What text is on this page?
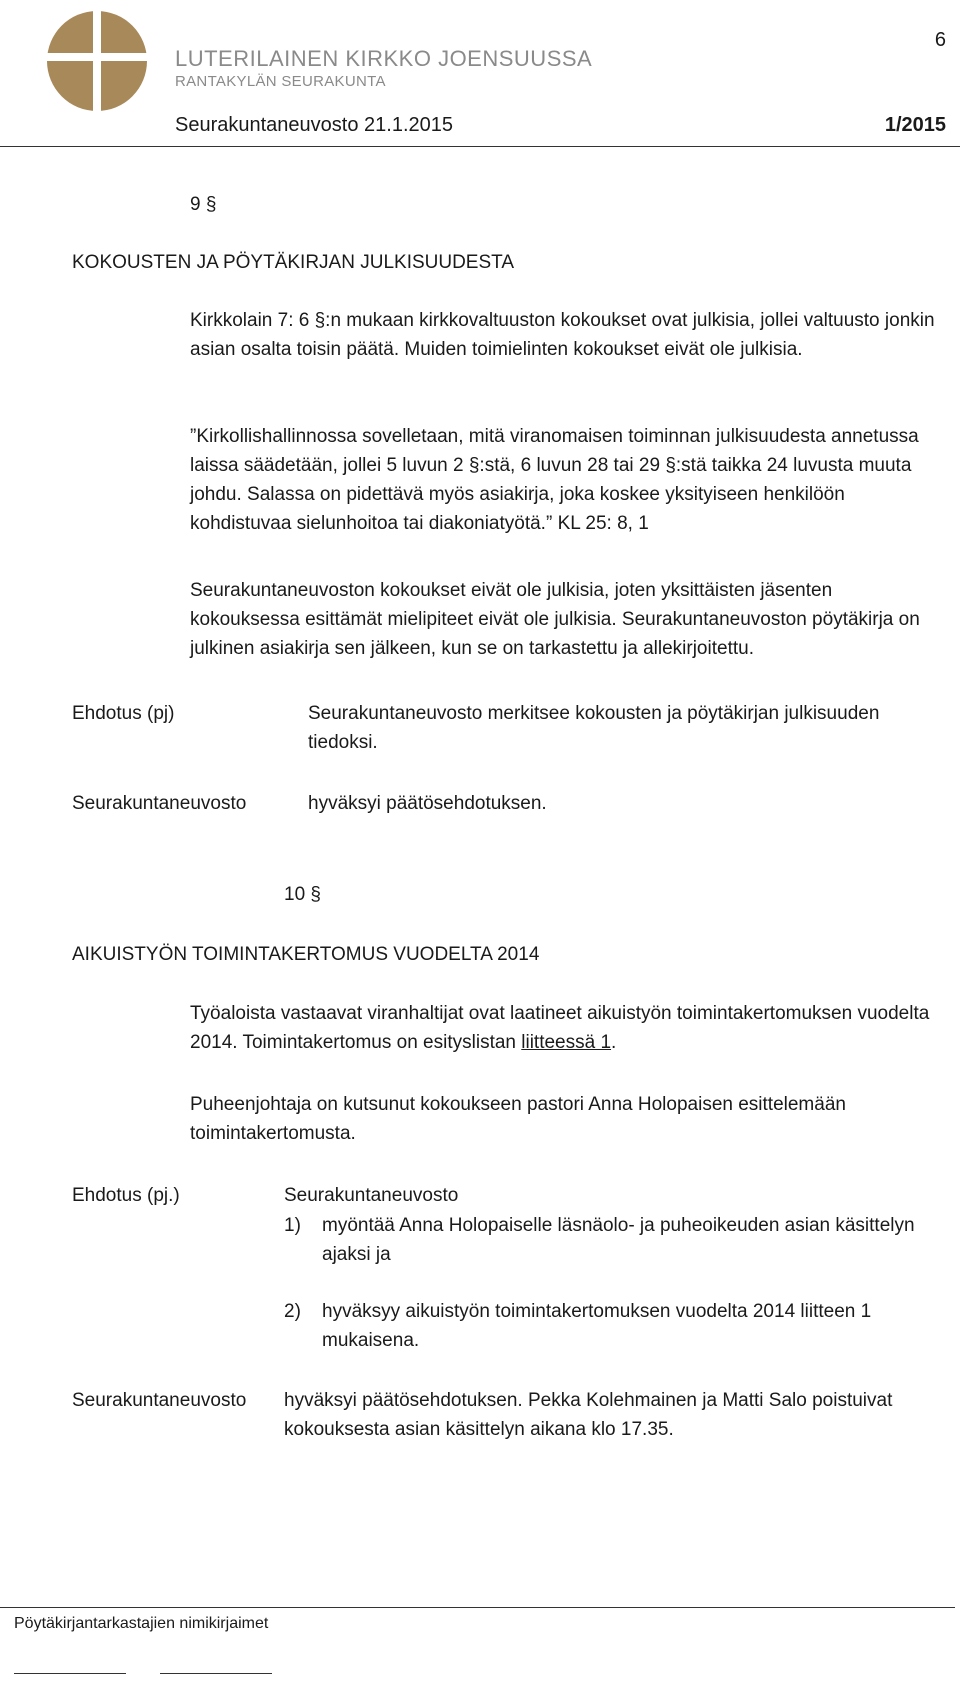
LUTERILAINEN KIRKKO JOENSUUSSA
RANTAKYLÄN SEURAKUNTA
6
Seurakuntaneuvosto 21.1.2015	1/2015
9 §
KOKOUSTEN JA PÖYTÄKIRJAN JULKISUUDESTA
Kirkkolain 7: 6 §:n mukaan kirkkovaltuuston kokoukset ovat julkisia, jollei valtuusto jonkin asian osalta toisin päätä. Muiden toimielinten kokoukset eivät ole julkisia.
”Kirkollishallinnossa sovelletaan, mitä viranomaisen toiminnan julkisuudesta annetussa laissa säädetään, jollei 5 luvun 2 §:stä, 6 luvun 28 tai 29 §:stä taikka 24 luvusta muuta johdu. Salassa on pidettävä myös asiakirja, joka koskee yksityiseen henkilöön kohdistuvaa sielunhoitoa tai diakoniatyötä.” KL 25: 8, 1
Seurakuntaneuvoston kokoukset eivät ole julkisia, joten yksittäisten jäsenten kokouksessa esittämät mielipiteet eivät ole julkisia. Seurakuntaneuvoston pöytäkirja on julkinen asiakirja sen jälkeen, kun se on tarkastettu ja allekirjoitettu.
Ehdotus (pj)	Seurakuntaneuvosto merkitsee kokousten ja pöytäkirjan julkisuuden tiedoksi.
Seurakuntaneuvosto	hyväksyi päätösehdotuksen.
10 §
AIKUISTYÖN TOIMINTAKERTOMUS VUODELTA 2014
Työaloista vastaavat viranhaltijat ovat laatineet aikuistyön toimintakertomuksen vuodelta 2014. Toimintakertomus on esityslistan liitteessä 1.
Puheenjohtaja on kutsunut kokoukseen pastori Anna Holopaisen esittelemään toimintakertomusta.
Ehdotus (pj.)	Seurakuntaneuvosto
1) myöntää Anna Holopaiselle läsnäolo- ja puheoikeuden asian käsittelyn ajaksi ja
2) hyväksyy aikuistyön toimintakertomuksen vuodelta 2014 liitteen 1 mukaisena.
Seurakuntaneuvosto hyväksyi päätösehdotuksen. Pekka Kolehmainen ja Matti Salo poistuivat kokouksesta asian käsittelyn aikana klo 17.35.
Pöytäkirjantarkastajien nimikirjaimet
